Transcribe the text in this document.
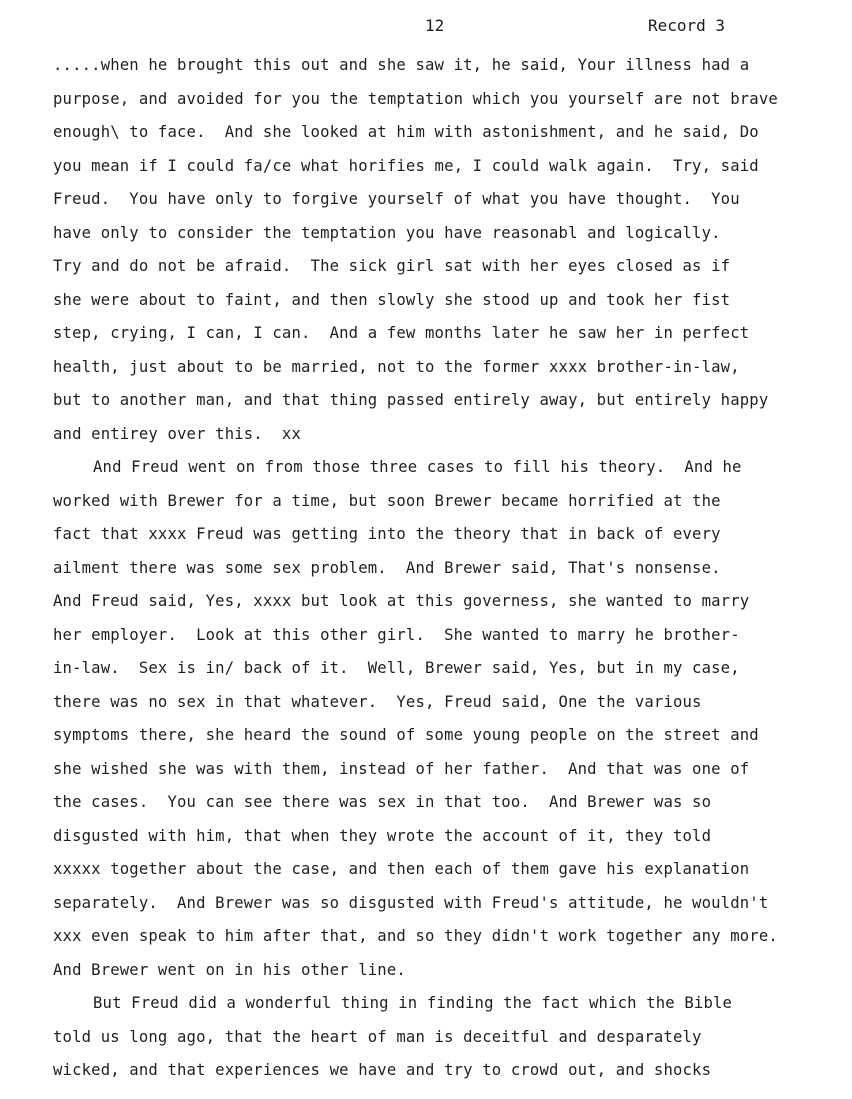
12	Record 3
.....when he brought this out and she saw it, he said, Your illness had a
purpose, and avoided for you the temptation which you yourself are not brave
enough\ to face.  And she looked at him with astonishment, and he said, Do
you mean if I could fa/ce what horifies me, I could walk again.  Try, said
Freud.  You have only to forgive yourself of what you have thought.  You
have only to consider the temptation you have reasonabl and logically.
Try and do not be afraid.  The sick girl sat with her eyes closed as if
she were about to faint, and then slowly she stood up and took her fist
step, crying, I can, I can.  And a few months later he saw her in perfect
health, just about to be married, not to the former xxxx brother-in-law,
but to another man, and that thing passed entirely away, but entirely happy
and entirey over this.  xx
And Freud went on from those three cases to fill his theory.  And he
worked with Brewer for a time, but soon Brewer became horrified at the
fact that xxxx Freud was getting into the theory that in back of every
ailment there was some sex problem.  And Brewer said, That's nonsense.
And Freud said, Yes, xxxx but look at this governess, she wanted to marry
her employer.  Look at this other girl.  She wanted to marry he brother-
in-law.  Sex is in/ back of it.  Well, Brewer said, Yes, but in my case,
there was no sex in that whatever.  Yes, Freud said, One the various
symptoms there, she heard the sound of some young people on the street and
she wished she was with them, instead of her father.  And that was one of
the cases.  You can see there was sex in that too.  And Brewer was so
disgusted with him, that when they wrote the account of it, they told
xxxxx together about the case, and then each of them gave his explanation
separately.  And Brewer was so disgusted with Freud's attitude, he wouldn't
xxx even speak to him after that, and so they didn't work together any more.
And Brewer went on in his other line.
But Freud did a wonderful thing in finding the fact which the Bible
told us long ago, that the heart of man is deceitful and desparately
wicked, and that experiences we have and try to crowd out, and shocks
